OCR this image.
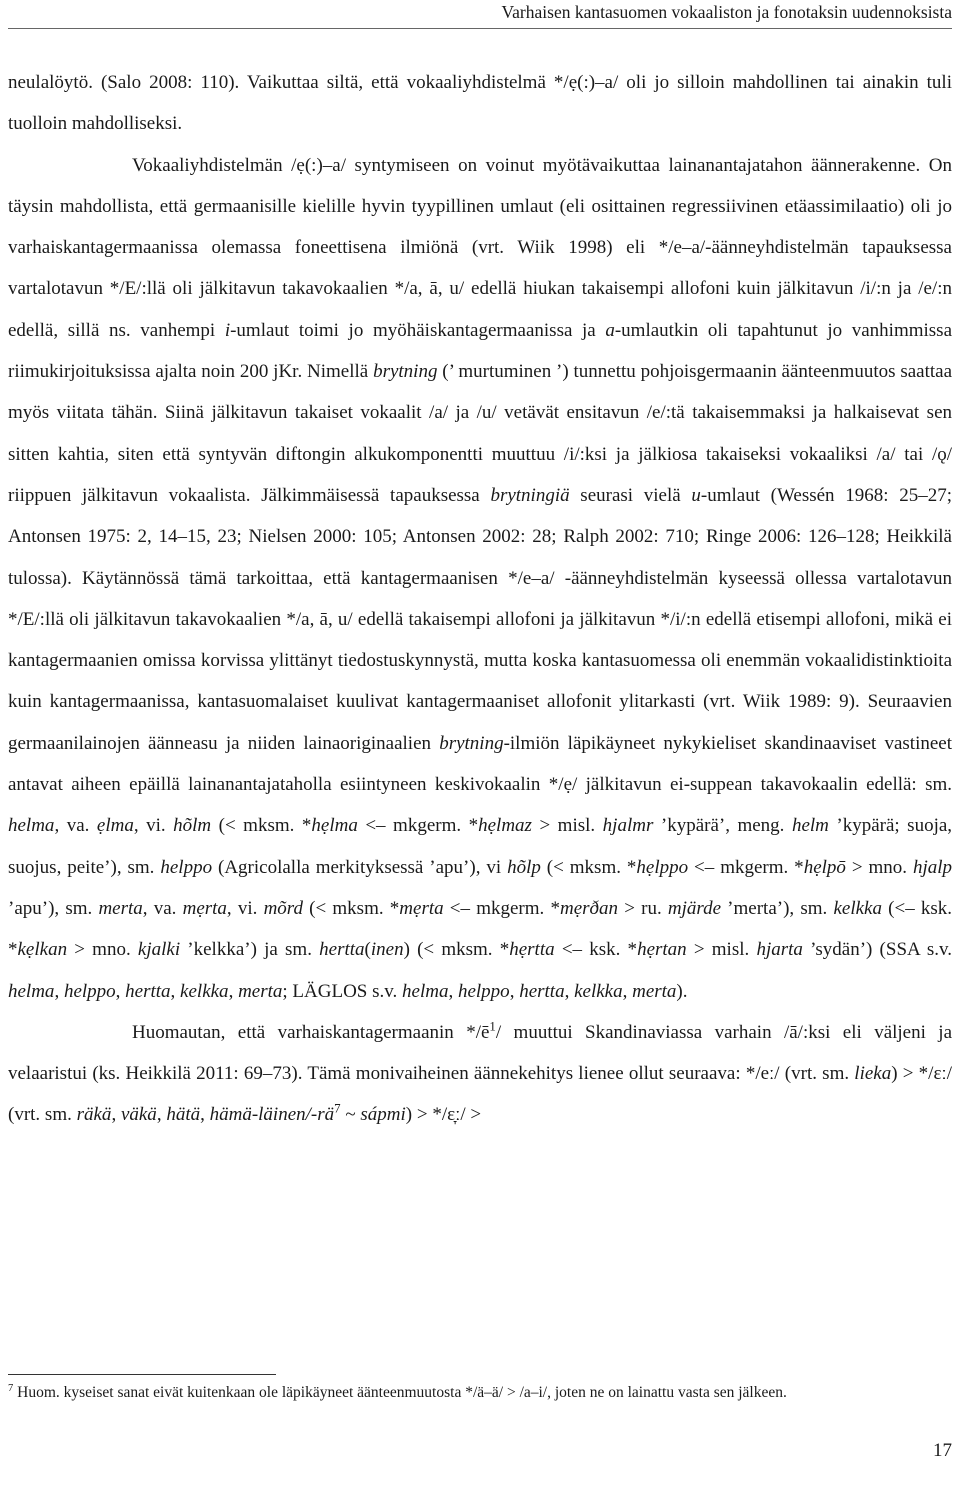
Varhaisen kantasuomen vokaaliston ja fonotaksin uudennoksista

neulalöytö. (Salo 2008: 110). Vaikuttaa siltä, että vokaaliyhdistelmä */ẹ(:)–a/ oli jo silloin mahdollinen tai ainakin tuli tuolloin mahdolliseksi.

Vokaaliyhdistelmän /ẹ(:)–a/ syntymiseen on voinut myötävaikuttaa lainanantajatahon äännerakenne. On täysin mahdollista, että germaanisille kielille hyvin tyypillinen umlaut (eli osittainen regressiivinen etäassimilaatio) oli jo varhaiskantagermaanissa olemassa foneettisena ilmiönä (vrt. Wiik 1998) eli */e–a/-äänneyhdistelmän tapauksessa vartalotavun */E/:llä oli jälkitavun takavokaalien */a, ā, u/ edellä hiukan takaisempi allofoni kuin jälkitavun /i/:n ja /e/:n edellä, sillä ns. vanhempi i-umlaut toimi jo myöhäiskantagermaanissa ja a-umlautkin oli tapahtunut jo vanhimmissa riimukirjoituksissa ajalta noin 200 jKr. Nimellä brytning (’ murtuminen ’) tunnettu pohjoisgermaanin äänteenmuutos saattaa myös viitata tähän. Siinä jälkitavun takaiset vokaalit /a/ ja /u/ vetävät ensitavun /e/:tä takaisemmaksi ja halkaisevat sen sitten kahtia, siten että syntyvän diftongin alkukomponentti muuttuu /i/:ksi ja jälkiosa takaiseksi vokaaliksi /a/ tai /ǫ/ riippuen jälkitavun vokaalista. Jälkimmäisessä tapauksessa brytningiä seurasi vielä u-umlaut (Wessén 1968: 25–27; Antonsen 1975: 2, 14–15, 23; Nielsen 2000: 105; Antonsen 2002: 28; Ralph 2002: 710; Ringe 2006: 126–128; Heikkilä tulossa). Käytännössä tämä tarkoittaa, että kantagermaanisen */e–a/ -äänneyhdistelmän kyseessä ollessa vartalotavun */E/:llä oli jälkitavun takavokaalien */a, ā, u/ edellä takaisempi allofoni ja jälkitavun */i/:n edellä etisempi allofoni, mikä ei kantagermaanien omissa korvissa ylittänyt tiedostuskynnystä, mutta koska kantasuomessa oli enemmän vokaalidistinktioita kuin kantagermaanissa, kantasuomalaiset kuulivat kantagermaaniset allofonit ylitarkasti (vrt. Wiik 1989: 9). Seuraavien germaanilainojen äänneasu ja niiden lainaoriginaalien brytning-ilmiön läpikäyneet nykykieliset skandinaaviset vastineet antavat aiheen epäillä lainanantajataholla esiintyneen keskivokaalin */ẹ/ jälkitavun ei-suppean takavokaalin edellä: sm. helma, va. ẹlma, vi. hõlm (< mksm. *hẹlma <– mkgerm. *hẹlmaz > misl. hjalmr ’kypärä’, meng. helm ’kypärä; suoja, suojus, peite’), sm. helppo (Agricolalla merkityksessä ’apu’), vi hõlp (< mksm. *hẹlppo <– mkgerm. *hẹlpō > mno. hjalp ’apu’), sm. merta, va. mẹrta, vi. mõrd (< mksm. *mẹrta <– mkgerm. *mẹrðan > ru. mjärde ’merta’), sm. kelkka (<– ksk. *kẹlkan > mno. kjalki ’kelkka’) ja sm. hertta(inen) (< mksm. *hẹrtta <– ksk. *hẹrtan > misl. hjarta ’sydän’) (SSA s.v. helma, helppo, hertta, kelkka, merta; LÄGLOS s.v. helma, helppo, hertta, kelkka, merta).

Huomautan, että varhaiskantagermaanin $*/ē^1/$ muuttui Skandinaviassa varhain /ā/:ksi eli väljeni ja velaaristui (ks. Heikkilä 2011: 69–73). Tämä monivaiheinen äännekehitys lienee ollut seuraava: */eː/ (vrt. sm. lieka) > */ɛː/ (vrt. sm. räkä, väkä, hätä, hämä-$läinen/-rä^7$ ~ sápmi) > */ɛ̞ː/ >

$^7$ Huom. kyseiset sanat eivät kuitenkaan ole läpikäyneet äänteenmuutosta */ä–ä/ > /a–i/, joten ne on lainattu vasta sen jälkeen.
17
